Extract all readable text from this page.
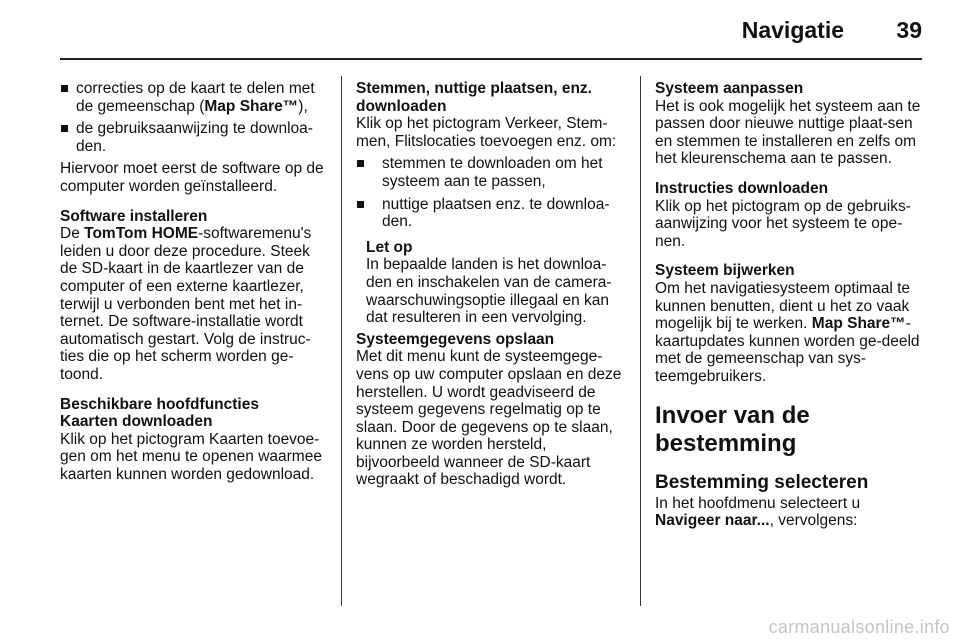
Navigatie 39
correcties op de kaart te delen met de gemeenschap (Map Share™),
de gebruiksaanwijzing te downloa-den.

Hiervoor moet eerst de software op de computer worden geïnstalleerd.

Software installeren

De TomTom HOME-softwaremenu's leiden u door deze procedure. Steek de SD-kaart in de kaartlezer van de computer of een externe kaartlezer, terwijl u verbonden bent met het in-ternet. De software-installatie wordt automatisch gestart. Volg de instruc-ties die op het scherm worden ge-toond.

Beschikbare hoofdfuncties

Kaarten downloaden

Klik op het pictogram Kaarten toevoe-gen om het menu te openen waarmee kaarten kunnen worden gedownload.

Stemmen, nuttige plaatsen, enz. downloaden

Klik op het pictogram Verkeer, Stem-men, Flitslocaties toevoegen enz. om:

stemmen te downloaden om het systeem aan te passen,
nuttige plaatsen enz. te downloa-den.

Let op

In bepaalde landen is het downloa-den en inschakelen van de camera-waarschuwingsoptie illegaal en kan dat resulteren in een vervolging.

Systeemgegevens opslaan

Met dit menu kunt de systeemgege-vens op uw computer opslaan en deze herstellen. U wordt geadviseerd de systeem gegevens regelmatig op te slaan. Door de gegevens op te slaan, kunnen ze worden hersteld, bijvoorbeeld wanneer de SD-kaart wegraakt of beschadigd wordt.

Systeem aanpassen

Het is ook mogelijk het systeem aan te passen door nieuwe nuttige plaat-sen en stemmen te installeren en zelfs om het kleurenschema aan te passen.

Instructies downloaden

Klik op het pictogram op de gebruiks-aanwijzing voor het systeem te ope-nen.

Systeem bijwerken

Om het navigatiesysteem optimaal te kunnen benutten, dient u het zo vaak mogelijk bij te werken. Map Share™-kaartupdates kunnen worden ge-deeld met de gemeenschap van sys-teemgebruikers.

Invoer van de bestemming

Bestemming selecteren

In het hoofdmenu selecteert u Navigeer naar..., vervolgens:

carmanualsonline.info
